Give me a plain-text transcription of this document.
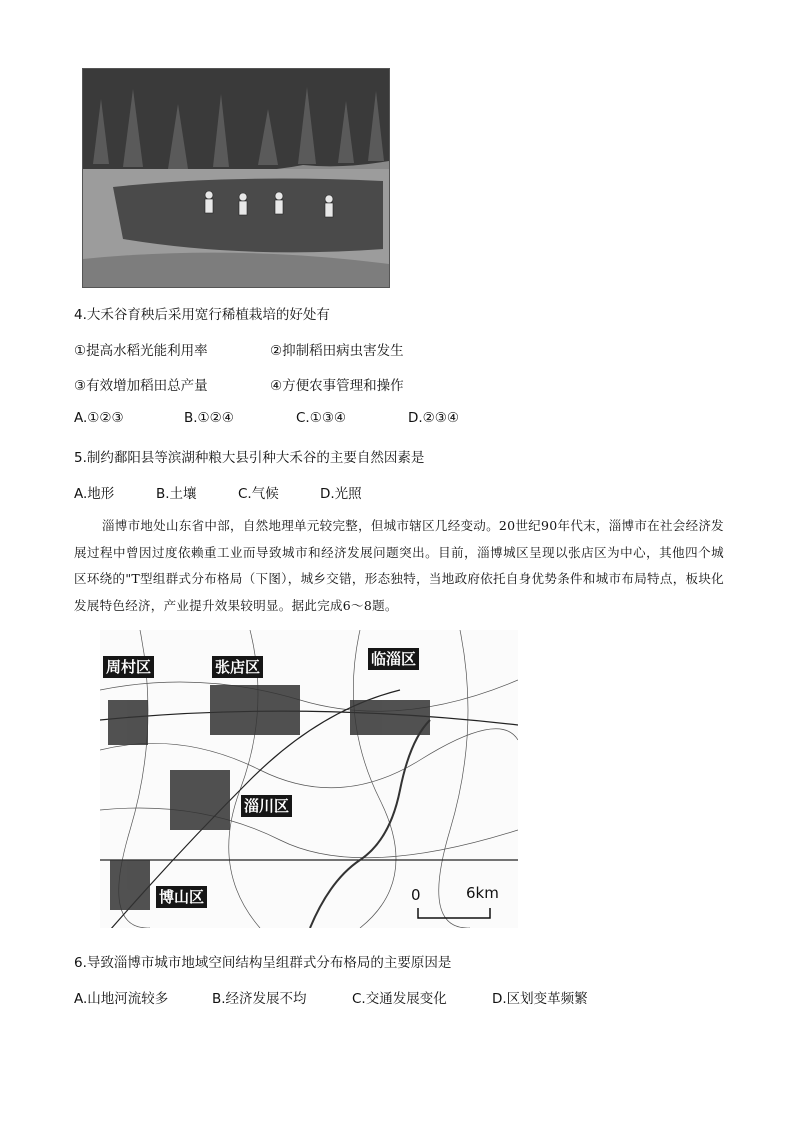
4.大禾谷育秧后采用宽行稀植栽培的好处有
①提高水稻光能利用率	②抑制稻田病虫害发生
③有效增加稻田总产量	④方便农事管理和操作
A.①②③	B.①②④	C.①③④	D.②③④
5.制约鄱阳县等滨湖种粮大县引种大禾谷的主要自然因素是
A.地形	B.土壤	C.气候	D.光照
淄博市地处山东省中部，自然地理单元较完整，但城市辖区几经变动。20世纪90年代末，淄博市在社会经济发展过程中曾因过度依赖重工业而导致城市和经济发展问题突出。目前，淄博城区呈现以张店区为中心，其他四个城区环绕的"T型组群式分布格局（下图），城乡交错，形态独特，当地政府依托自身优势条件和城市布局特点，板块化发展特色经济，产业提升效果较明显。据此完成6～8题。
周村区	张店区	临淄区
淄川区
博山区	0	6km
6.导致淄博市城市地域空间结构呈组群式分布格局的主要原因是
A.山地河流较多	B.经济发展不均	C.交通发展变化	D.区划变革频繁
